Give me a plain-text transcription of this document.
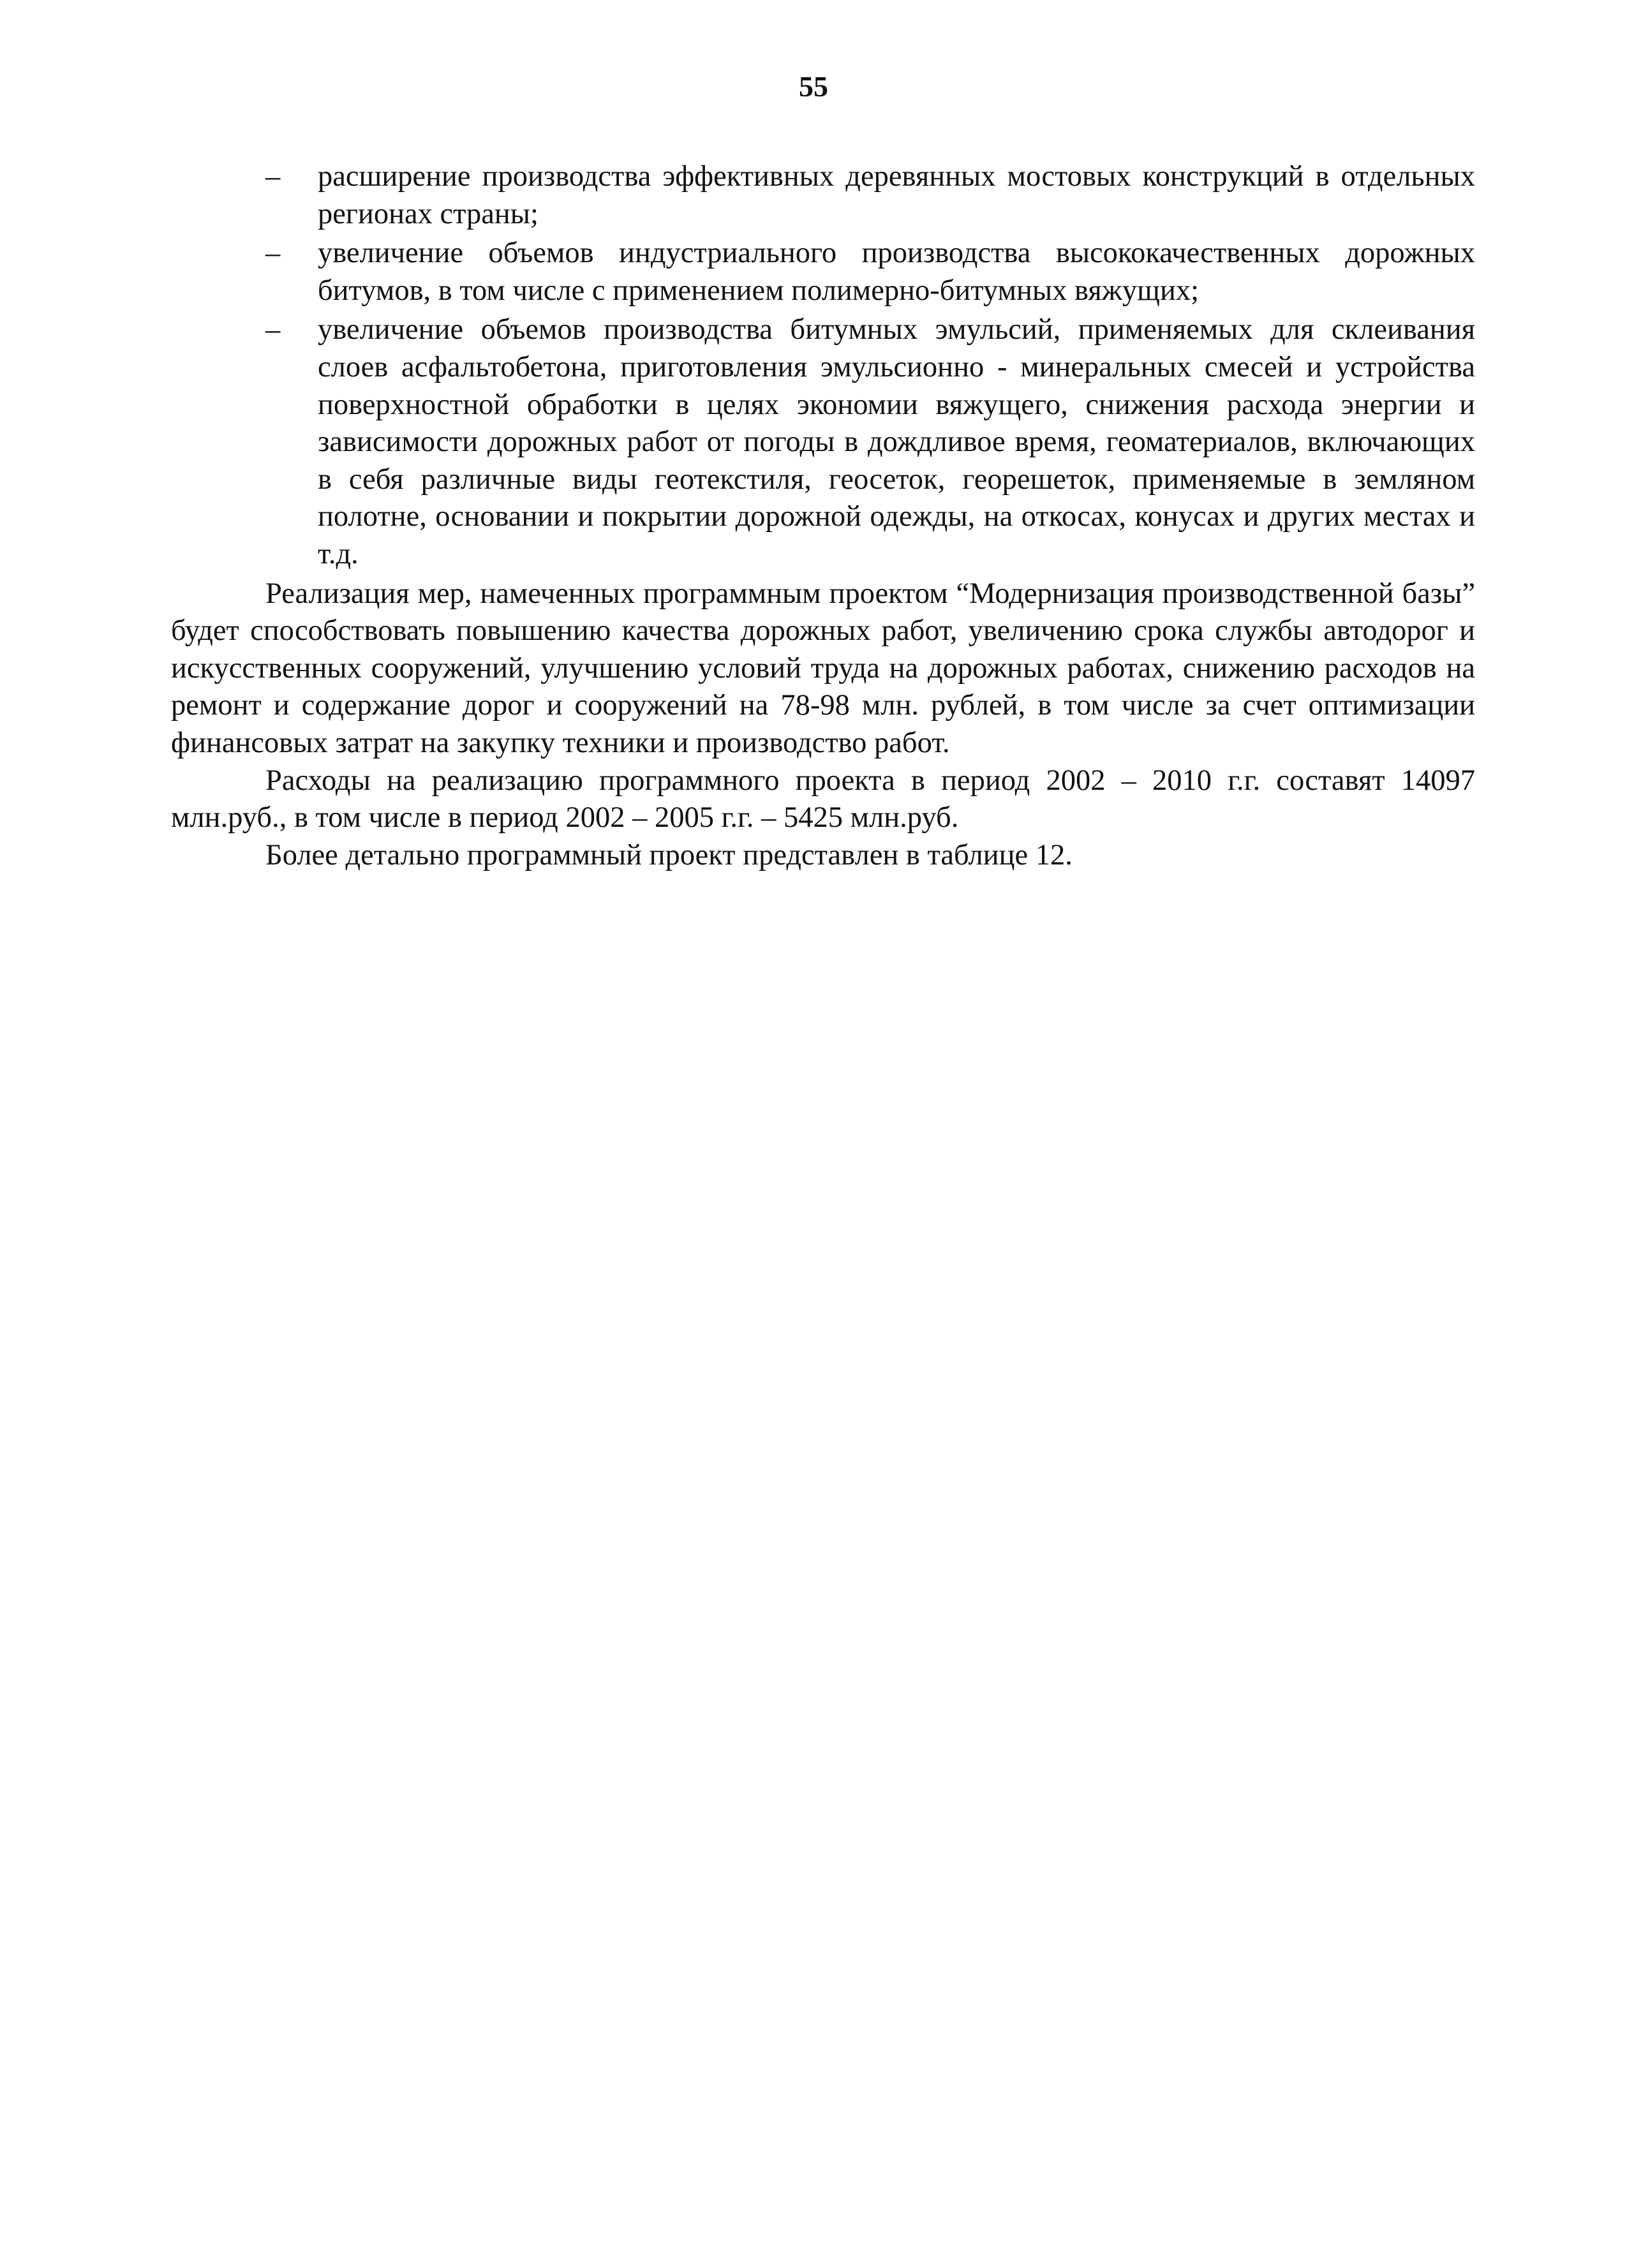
55
– расширение производства эффективных деревянных мостовых конструкций в отдельных регионах страны;
– увеличение объемов индустриального производства высококачественных дорожных битумов, в том числе с применением полимерно-битумных вяжущих;
– увеличение объемов производства битумных эмульсий, применяемых для склеивания слоев асфальтобетона, приготовления эмульсионно - минеральных смесей и устройства поверхностной обработки в целях экономии вяжущего, снижения расхода энергии и зависимости дорожных работ от погоды в дождливое время, геоматериалов, включающих в себя различные виды геотекстиля, геосеток, георешеток, применяемые в земляном полотне, основании и покрытии дорожной одежды, на откосах, конусах и других местах и т.д.

Реализация мер, намеченных программным проектом “Модернизация производственной базы” будет способствовать повышению качества дорожных работ, увеличению срока службы автодорог и искусственных сооружений, улучшению условий труда на дорожных работах, снижению расходов на ремонт и содержание дорог и сооружений на 78-98 млн. рублей, в том числе за счет оптимизации финансовых затрат на закупку техники и производство работ.

Расходы на реализацию программного проекта в период 2002 – 2010 г.г. составят 14097 млн.руб., в том числе в период 2002 – 2005 г.г. – 5425 млн.руб.

Более детально программный проект представлен в таблице 12.
